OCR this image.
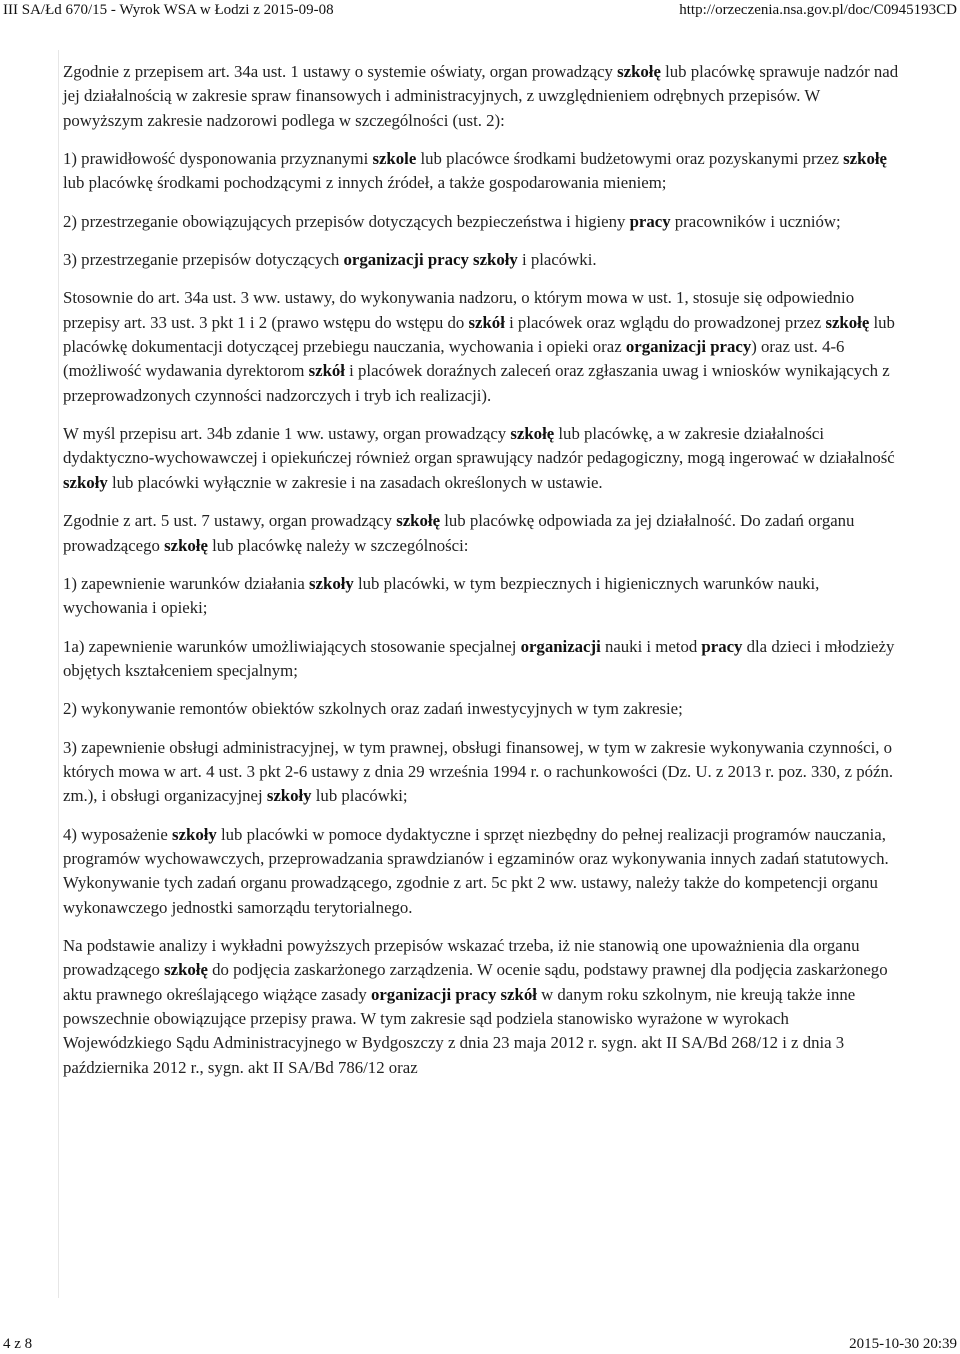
III SA/Łd 670/15 - Wyrok WSA w Łodzi z 2015-09-08	http://orzeczenia.nsa.gov.pl/doc/C0945193CD

Zgodnie z przepisem art. 34a ust. 1 ustawy o systemie oświaty, organ prowadzący szkołę lub placówkę sprawuje nadzór nad jej działalnością w zakresie spraw finansowych i administracyjnych, z uwzględnieniem odrębnych przepisów. W powyższym zakresie nadzorowi podlega w szczególności (ust. 2):

1) prawidłowość dysponowania przyznanymi szkole lub placówce środkami budżetowymi oraz pozyskanymi przez szkołę lub placówkę środkami pochodzącymi z innych źródeł, a także gospodarowania mieniem;

2) przestrzeganie obowiązujących przepisów dotyczących bezpieczeństwa i higieny pracy pracowników i uczniów;

3) przestrzeganie przepisów dotyczących organizacji pracy szkoły i placówki.

Stosownie do art. 34a ust. 3 ww. ustawy, do wykonywania nadzoru, o którym mowa w ust. 1, stosuje się odpowiednio przepisy art. 33 ust. 3 pkt 1 i 2 (prawo wstępu do wstępu do szkół i placówek oraz wglądu do prowadzonej przez szkołę lub placówkę dokumentacji dotyczącej przebiegu nauczania, wychowania i opieki oraz organizacji pracy) oraz ust. 4-6 (możliwość wydawania dyrektorom szkół i placówek doraźnych zaleceń oraz zgłaszania uwag i wniosków wynikających z przeprowadzonych czynności nadzorczych i tryb ich realizacji).

W myśl przepisu art. 34b zdanie 1 ww. ustawy, organ prowadzący szkołę lub placówkę, a w zakresie działalności dydaktyczno-wychowawczej i opiekuńczej również organ sprawujący nadzór pedagogiczny, mogą ingerować w działalność szkoły lub placówki wyłącznie w zakresie i na zasadach określonych w ustawie.

Zgodnie z art. 5 ust. 7 ustawy, organ prowadzący szkołę lub placówkę odpowiada za jej działalność. Do zadań organu prowadzącego szkołę lub placówkę należy w szczególności:

1) zapewnienie warunków działania szkoły lub placówki, w tym bezpiecznych i higienicznych warunków nauki, wychowania i opieki;

1a) zapewnienie warunków umożliwiających stosowanie specjalnej organizacji nauki i metod pracy dla dzieci i młodzieży objętych kształceniem specjalnym;

2) wykonywanie remontów obiektów szkolnych oraz zadań inwestycyjnych w tym zakresie;

3) zapewnienie obsługi administracyjnej, w tym prawnej, obsługi finansowej, w tym w zakresie wykonywania czynności, o których mowa w art. 4 ust. 3 pkt 2-6 ustawy z dnia 29 września 1994 r. o rachunkowości (Dz. U. z 2013 r. poz. 330, z późn. zm.), i obsługi organizacyjnej szkoły lub placówki;

4) wyposażenie szkoły lub placówki w pomoce dydaktyczne i sprzęt niezbędny do pełnej realizacji programów nauczania, programów wychowawczych, przeprowadzania sprawdzianów i egzaminów oraz wykonywania innych zadań statutowych. Wykonywanie tych zadań organu prowadzącego, zgodnie z art. 5c pkt 2 ww. ustawy, należy także do kompetencji organu wykonawczego jednostki samorządu terytorialnego.

Na podstawie analizy i wykładni powyższych przepisów wskazać trzeba, iż nie stanowią one upoważnienia dla organu prowadzącego szkołę do podjęcia zaskarżonego zarządzenia. W ocenie sądu, podstawy prawnej dla podjęcia zaskarżonego aktu prawnego określającego wiążące zasady organizacji pracy szkół w danym roku szkolnym, nie kreują także inne powszechnie obowiązujące przepisy prawa. W tym zakresie sąd podziela stanowisko wyrażone w wyrokach Wojewódzkiego Sądu Administracyjnego w Bydgoszczy z dnia 23 maja 2012 r. sygn. akt II SA/Bd 268/12 i z dnia 3 października 2012 r., sygn. akt II SA/Bd 786/12 oraz

4 z 8	2015-10-30 20:39
